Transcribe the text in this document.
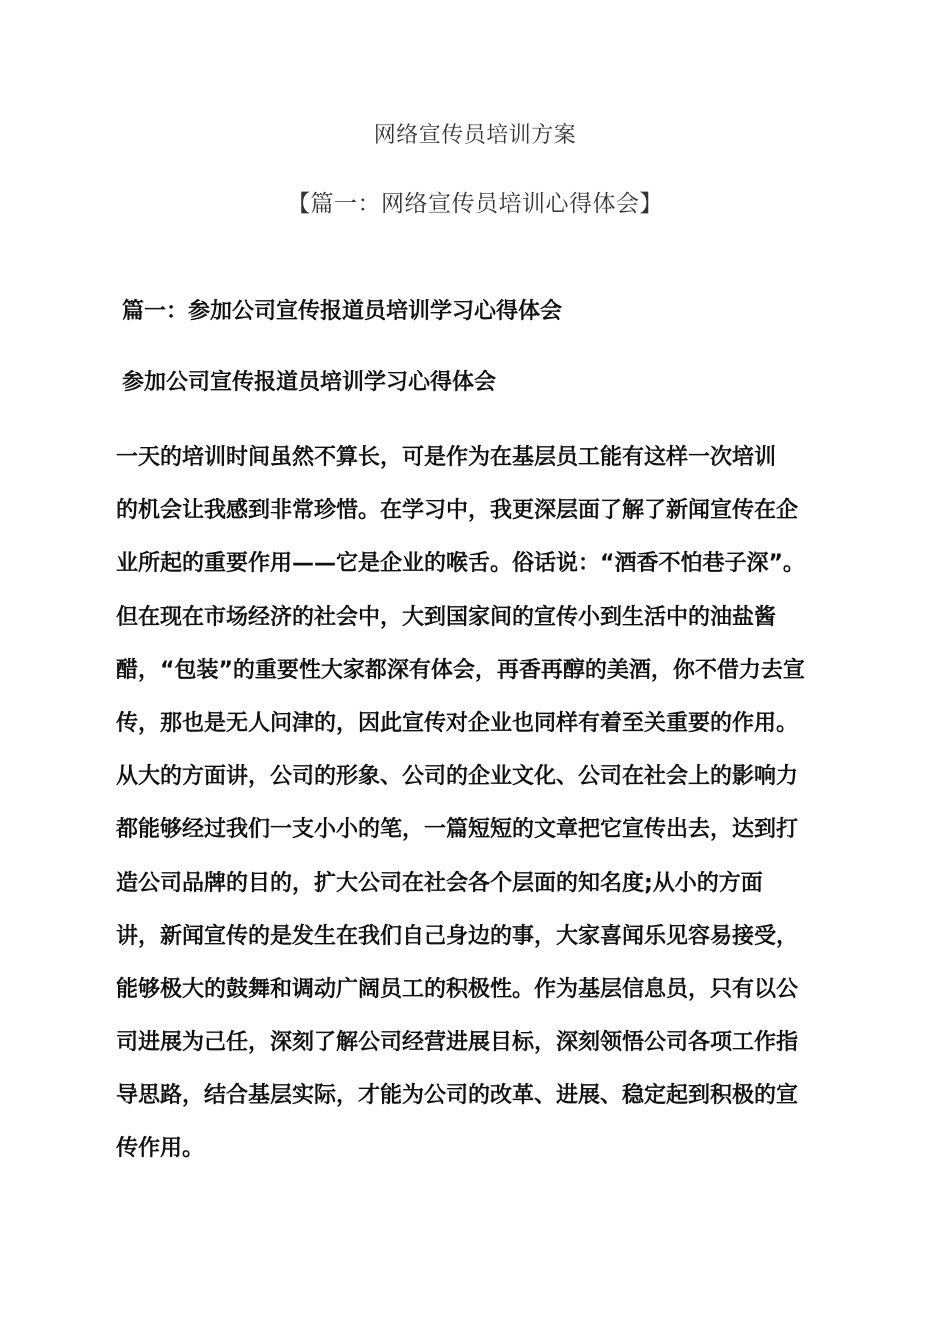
网络宣传员培训方案
【篇一：网络宣传员培训心得体会】
篇一：参加公司宣传报道员培训学习心得体会
参加公司宣传报道员培训学习心得体会
一天的培训时间虽然不算长，可是作为在基层员工能有这样一次培训
的机会让我感到非常珍惜。在学习中，我更深层面了解了新闻宣传在企
业所起的重要作用——它是企业的喉舌。俗话说：“酒香不怕巷子深”。
但在现在市场经济的社会中，大到国家间的宣传小到生活中的油盐酱
醋，“包装”的重要性大家都深有体会，再香再醇的美酒，你不借力去宣
传，那也是无人问津的，因此宣传对企业也同样有着至关重要的作用。
从大的方面讲，公司的形象、公司的企业文化、公司在社会上的影响力
都能够经过我们一支小小的笔，一篇短短的文章把它宣传出去，达到打
造公司品牌的目的，扩大公司在社会各个层面的知名度;从小的方面
讲，新闻宣传的是发生在我们自己身边的事，大家喜闻乐见容易接受，
能够极大的鼓舞和调动广阔员工的积极性。作为基层信息员，只有以公
司进展为己任，深刻了解公司经营进展目标，深刻领悟公司各项工作指
导思路，结合基层实际，才能为公司的改革、进展、稳定起到积极的宣
传作用。
